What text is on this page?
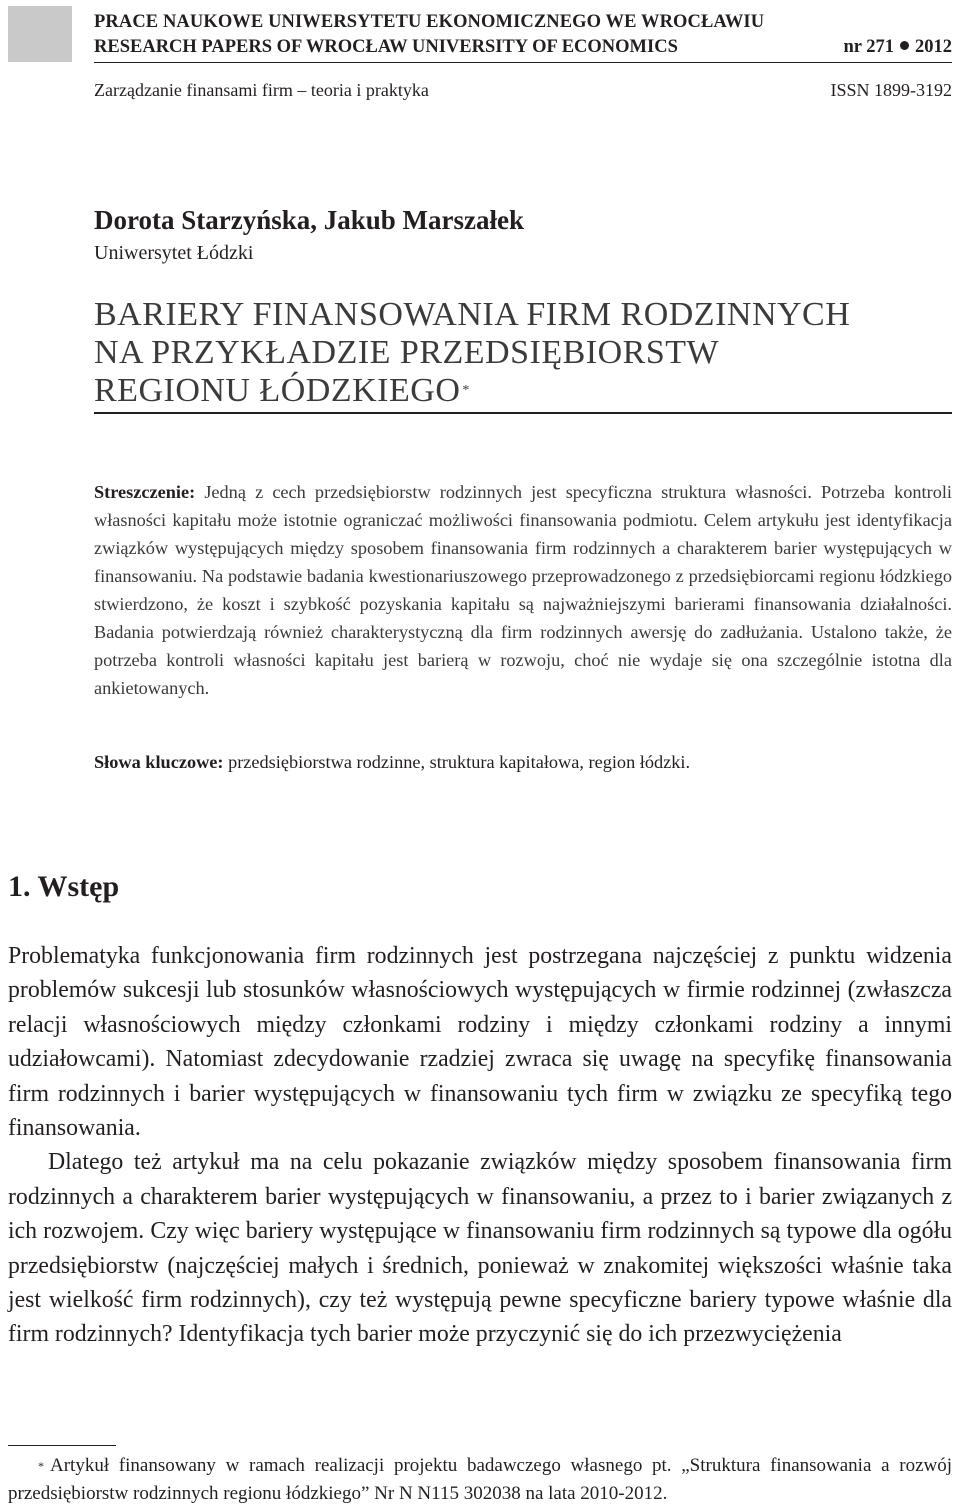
PRACE NAUKOWE UNIWERSYTETU EKONOMICZNEGO WE WROCŁAWIU
RESEARCH PAPERS OF WROCŁAW UNIVERSITY OF ECONOMICS	nr 271 2012
Zarządzanie finansami firm – teoria i praktyka	ISSN 1899-3192
Dorota Starzyńska, Jakub Marszałek
Uniwersytet Łódzki
BARIERY FINANSOWANIA FIRM RODZINNYCH
NA PRZYKŁADZIE PRZEDSIĘBIORSTW
REGIONU ŁÓDZKIEGO *
Streszczenie: Jedną z cech przedsiębiorstw rodzinnych jest specyficzna struktura własności. Potrzeba kontroli własności kapitału może istotnie ograniczać możliwości finansowania podmiotu. Celem artykułu jest identyfikacja związków występujących między sposobem finansowania firm rodzinnych a charakterem barier występujących w finansowaniu. Na podstawie badania kwestionariuszowego przeprowadzonego z przedsiębiorcami regionu łódzkiego stwierdzono, że koszt i szybkość pozyskania kapitału są najważniejszymi barierami finansowania działalności. Badania potwierdzają również charakterystyczną dla firm rodzinnych awersję do zadłużania. Ustalono także, że potrzeba kontroli własności kapitału jest barierą w rozwoju, choć nie wydaje się ona szczególnie istotna dla ankietowanych.
Słowa kluczowe: przedsiębiorstwa rodzinne, struktura kapitałowa, region łódzki.
1. Wstęp

Problematyka funkcjonowania firm rodzinnych jest postrzegana najczęściej z punktu widzenia problemów sukcesji lub stosunków własnościowych występujących w firmie rodzinnej (zwłaszcza relacji własnościowych między członkami rodziny i między członkami rodziny a innymi udziałowcami). Natomiast zdecydowanie rzadziej zwraca się uwagę na specyfikę finansowania firm rodzinnych i barier występujących w finansowaniu tych firm w związku ze specyfiką tego finansowania.

Dlatego też artykuł ma na celu pokazanie związków między sposobem finansowania firm rodzinnych a charakterem barier występujących w finansowaniu, a przez to i barier związanych z ich rozwojem. Czy więc bariery występujące w finansowaniu firm rodzinnych są typowe dla ogółu przedsiębiorstw (najczęściej małych i średnich, ponieważ w znakomitej większości właśnie taka jest wielkość firm rodzinnych), czy też występują pewne specyficzne bariery typowe właśnie dla firm rodzinnych? Identyfikacja tych barier może przyczynić się do ich przezwyciężenia

* Artykuł finansowany w ramach realizacji projektu badawczego własnego pt. „Struktura finansowania a rozwój przedsiębiorstw rodzinnych regionu łódzkiego” Nr N N115 302038 na lata 2010-2012.
